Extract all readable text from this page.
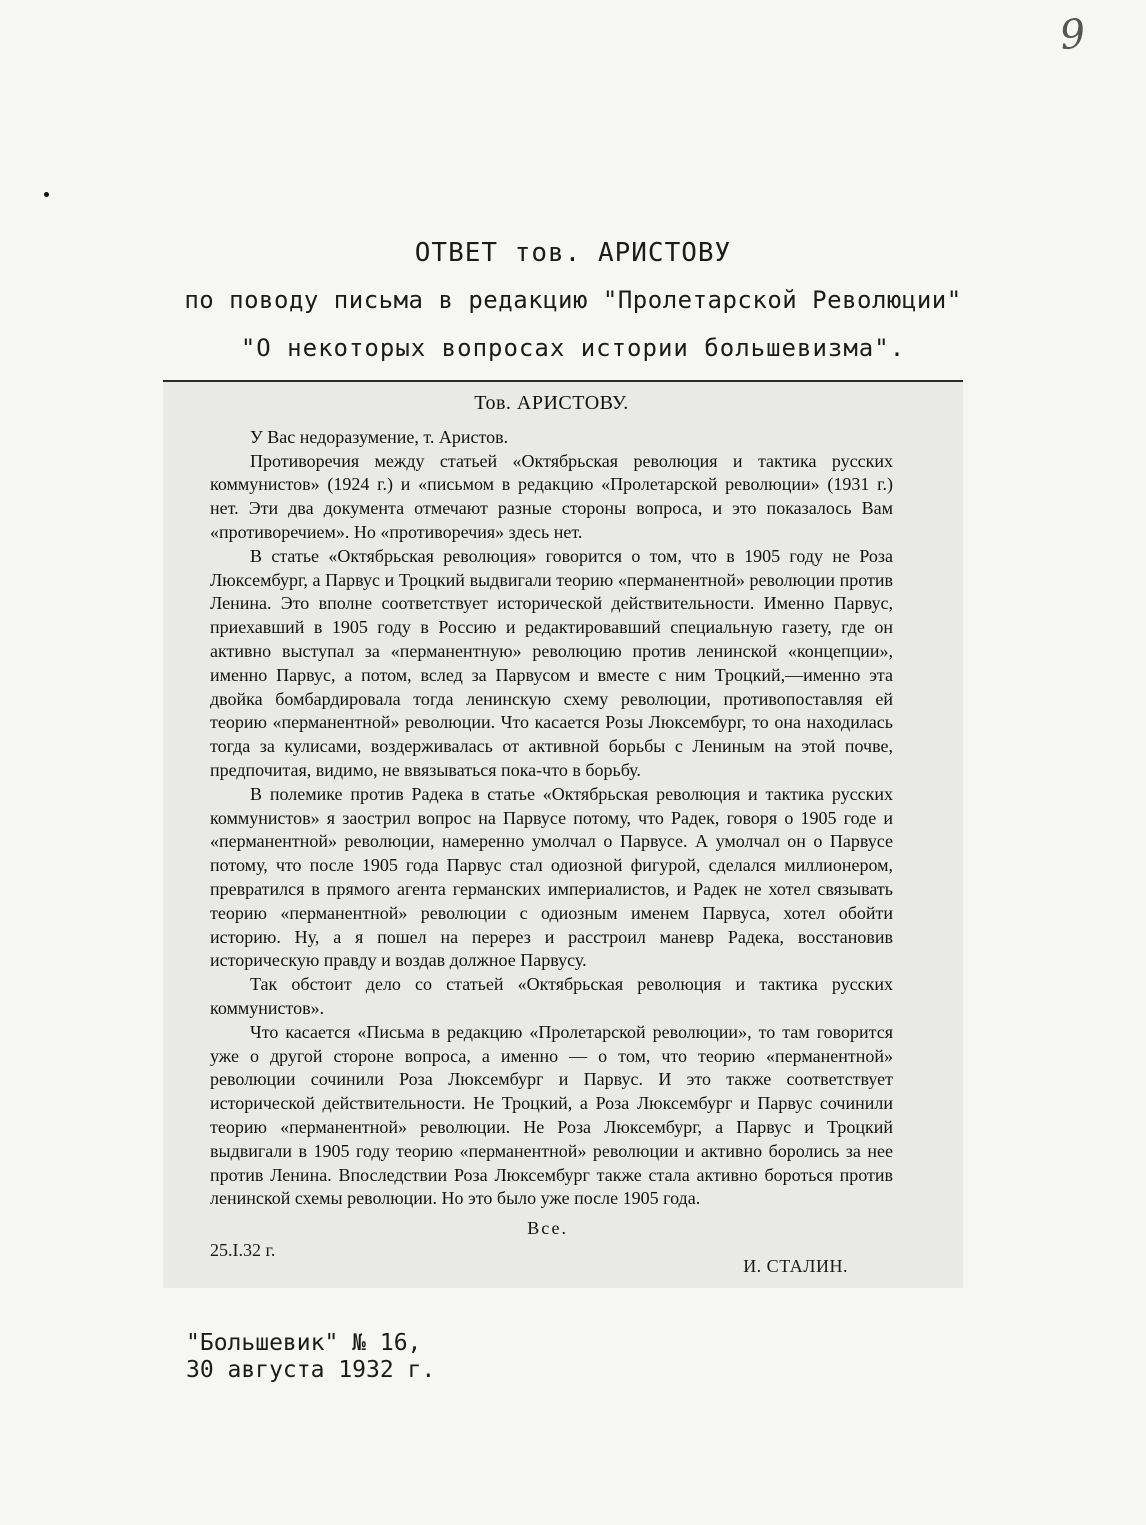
9
ОТВЕТ тов. АРИСТОВУ
по поводу письма в редакцию "Пролетарской Революции"
"О некоторых вопросах истории большевизма".
Тов. АРИСТОВУ.

У Вас недоразумение, т. Аристов.

Противоречия между статьей «Октябрьская революция и тактика русских коммунистов» (1924 г.) и «письмом в редакцию «Пролетарской революции» (1931 г.) нет. Эти два документа отмечают разные стороны вопроса, и это показалось Вам «противоречием». Но «противоречия» здесь нет.

В статье «Октябрьская революция» говорится о том, что в 1905 году не Роза Люксембург, а Парвус и Троцкий выдвигали теорию «перманентной» революции против Ленина. Это вполне соответствует исторической действительности. Именно Парвус, приехавший в 1905 году в Россию и редактировавший специальную газету, где он активно выступал за «перманентную» революцию против ленинской «концепции», именно Парвус, а потом, вслед за Парвусом и вместе с ним Троцкий,—именно эта двойка бомбардировала тогда ленинскую схему революции, противопоставляя ей теорию «перманентной» революции. Что касается Розы Люксембург, то она находилась тогда за кулисами, воздерживалась от активной борьбы с Лениным на этой почве, предпочитая, видимо, не ввязываться пока-что в борьбу.

В полемике против Радека в статье «Октябрьская революция и тактика русских коммунистов» я заострил вопрос на Парвусе потому, что Радек, говоря о 1905 годе и «перманентной» революции, намеренно умолчал о Парвусе. А умолчал он о Парвусе потому, что после 1905 года Парвус стал одиозной фигурой, сделался миллионером, превратился в прямого агента германских империалистов, и Радек не хотел связывать теорию «перманентной» революции с одиозным именем Парвуса, хотел обойти историю. Ну, а я пошел на перерез и расстроил маневр Радека, восстановив историческую правду и воздав должное Парвусу.

Так обстоит дело со статьей «Октябрьская революция и тактика русских коммунистов».

Что касается «Письма в редакцию «Пролетарской революции», то там говорится уже о другой стороне вопроса, а именно — о том, что теорию «перманентной» революции сочинили Роза Люксембург и Парвус. И это также соответствует исторической действительности. Не Троцкий, а Роза Люксембург и Парвус сочинили теорию «перманентной» революции. Не Роза Люксембург, а Парвус и Троцкий выдвигали в 1905 году теорию «перманентной» революции и активно боролись за нее против Ленина. Впоследствии Роза Люксембург также стала активно бороться против ленинской схемы революции. Но это было уже после 1905 года.

Все.
25.I.32 г.
И. СТАЛИН.
"Большевик" № 16,
30 августа 1932 г.
